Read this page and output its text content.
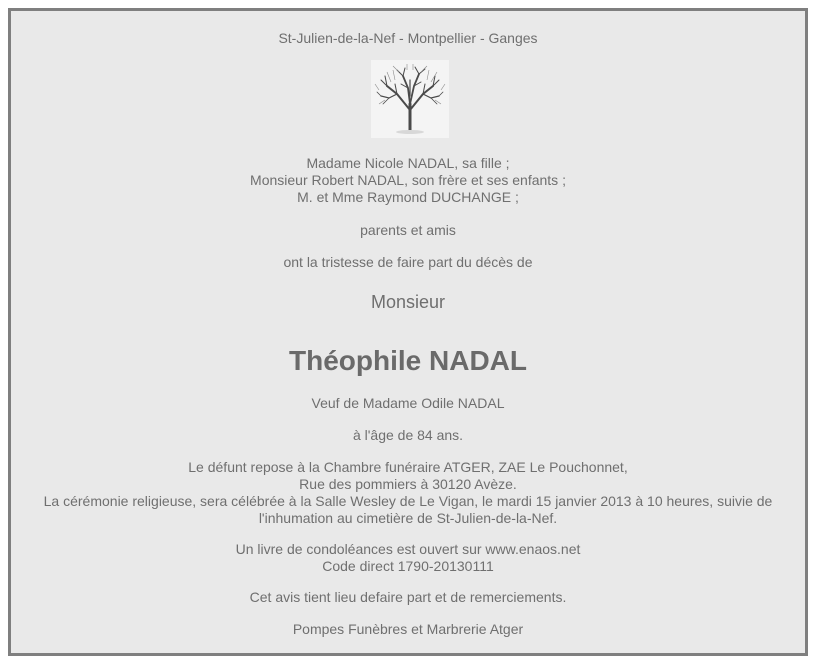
St-Julien-de-la-Nef - Montpellier - Ganges
Madame Nicole NADAL, sa fille ;
Monsieur Robert NADAL, son frère et ses enfants ;
M. et Mme Raymond DUCHANGE ;
parents et amis
ont la tristesse de faire part du décès de
Monsieur
Théophile NADAL
Veuf de Madame Odile NADAL
à l'âge de 84 ans.
Le défunt repose à la Chambre funéraire ATGER, ZAE Le Pouchonnet,
Rue des pommiers à 30120 Avèze.
La cérémonie religieuse, sera célébrée à la Salle Wesley de Le Vigan, le mardi 15 janvier 2013 à 10 heures, suivie de
l'inhumation au cimetière de St-Julien-de-la-Nef.
Un livre de condoléances est ouvert sur www.enaos.net
Code direct 1790-20130111
Cet avis tient lieu defaire part et de remerciements.
Pompes Funèbres et Marbrerie Atger
